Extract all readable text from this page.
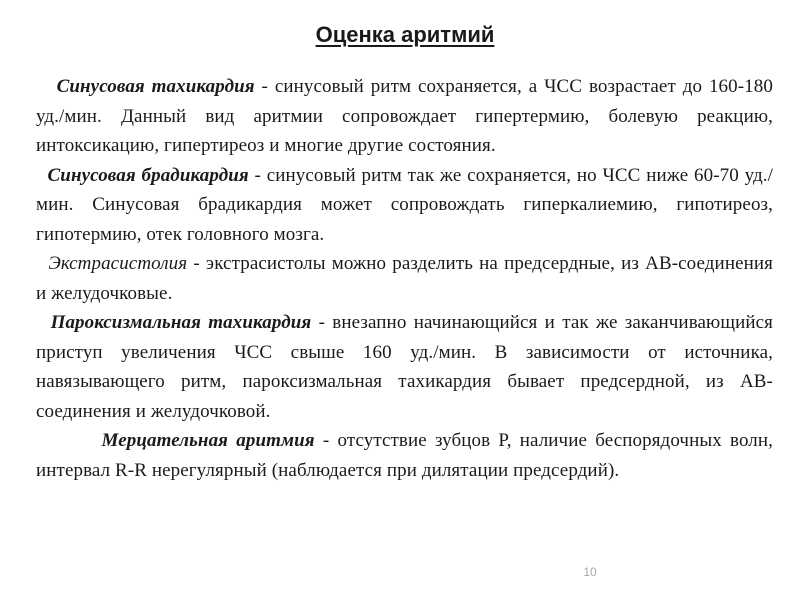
Оценка аритмий

Синусовая тахикардия - синусовый ритм сохраняется, а ЧСС возрастает до 160-180 уд./мин. Данный вид аритмии сопровождает гипертермию, болевую реакцию, интоксикацию, гипертиреоз и многие другие состояния.

Синусовая брадикардия - синусовый ритм так же сохраняется, но ЧСС ниже 60-70 уд./мин. Синусовая брадикардия может сопровождать гиперкалиемию, гипотиреоз, гипотермию, отек головного мозга.

Экстрасистолия - экстрасистолы можно разделить на предсердные, из АВ-соединения и желудочковые.

Пароксизмальная тахикардия - внезапно начинающийся и так же заканчивающийся приступ увеличения ЧСС свыше 160 уд./мин. В зависимости от источника, навязывающего ритм, пароксизмальная тахикардия бывает предсердной, из АВ-соединения и желудочковой.

Мерцательная аритмия - отсутствие зубцов Р, наличие беспорядочных волн, интервал R-R нерегулярный (наблюдается при дилятации предсердий).

10
